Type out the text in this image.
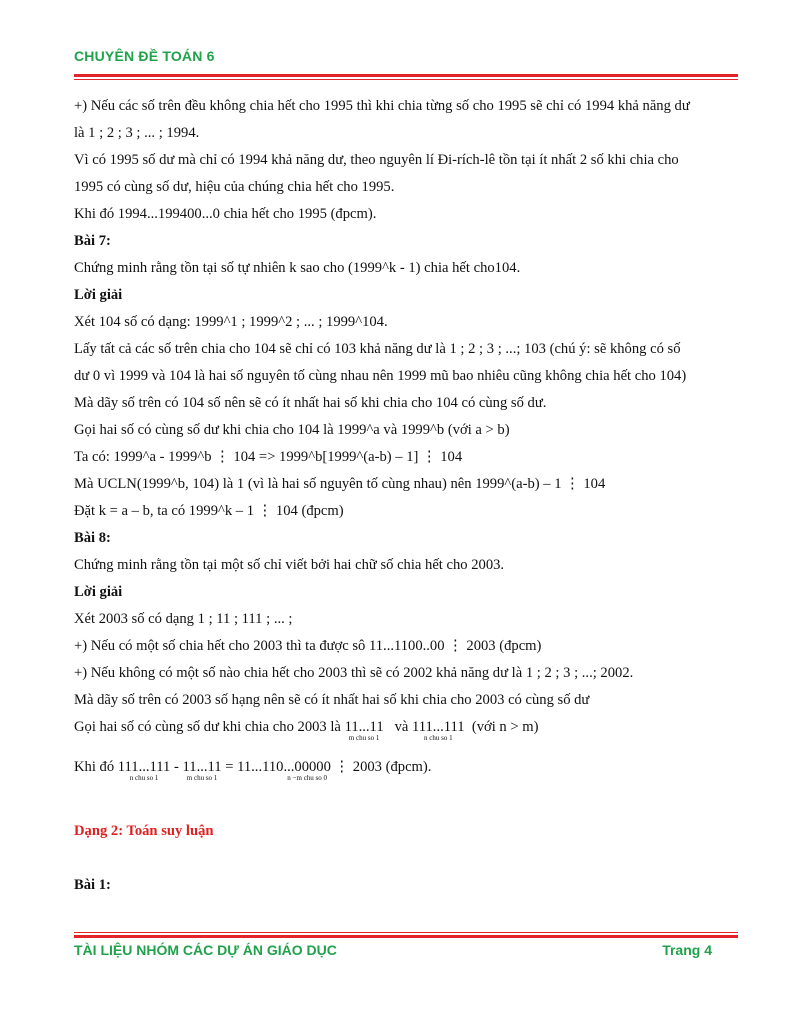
CHUYÊN ĐỀ TOÁN 6
+) Nếu các số trên đều không chia hết cho 1995 thì khi chia từng số cho 1995 sẽ chỉ có 1994 khả năng dư
là 1 ; 2 ; 3 ; ... ; 1994.
Vì có 1995 số dư mà chỉ có 1994 khả năng dư, theo nguyên lí Đi-rích-lê tồn tại ít nhất 2 số khi chia cho
1995 có cùng số dư, hiệu của chúng chia hết cho 1995.
Khi đó 1994...199400...0 chia hết cho 1995 (đpcm).
Bài 7:
Chứng minh rằng tồn tại số tự nhiên k sao cho (1999^k - 1) chia hết cho104.
Lời giải
Xét 104 số có dạng: 1999^1 ; 1999^2 ; ... ; 1999^104.
Lấy tất cả các số trên chia cho 104 sẽ chỉ có 103 khả năng dư là 1 ; 2 ; 3 ; ...; 103 (chú ý: sẽ không có số
dư 0 vì 1999 và 104 là hai số nguyên tố cùng nhau nên 1999 mũ bao nhiêu cũng không chia hết cho 104)
Mà dãy số trên có 104 số nên sẽ có ít nhất hai số khi chia cho 104 có cùng số dư.
Gọi hai số có cùng số dư khi chia cho 104 là 1999^a và 1999^b (với a > b)
Ta có: 1999^a - 1999^b ⋮ 104 => 1999^b[1999^(a-b) – 1] ⋮ 104
Mà UCLN(1999^b, 104) là 1 (vì là hai số nguyên tố cùng nhau) nên 1999^(a-b) – 1 ⋮ 104
Đặt k = a – b, ta có 1999^k – 1 ⋮ 104 (đpcm)
Bài 8:
Chứng minh rằng tồn tại một số chỉ viết bởi hai chữ số chia hết cho 2003.
Lời giải
Xét 2003 số có dạng 1 ; 11 ; 111 ; ... ;
+) Nếu có một số chia hết cho 2003 thì ta được sô 11...1100..00 ⋮ 2003 (đpcm)
+) Nếu không có một số nào chia hết cho 2003 thì sẽ có 2002 khả năng dư là 1 ; 2 ; 3 ; ...; 2002.
Mà dãy số trên có 2003 số hạng nên sẽ có ít nhất hai số khi chia cho 2003 có cùng số dư
Gọi hai số có cùng số dư khi chia cho 2003 là 11...11
m chu so 1
và 111...111
n chu so 1
(với n > m)
Khi đó 111...111
n chu so 1
- 11...11
m chu so 1
= 11...110...00000
n −m chu so 0
⋮ 2003 (đpcm).
Dạng 2: Toán suy luận
Bài 1:
TÀI LIỆU NHÓM CÁC DỰ ÁN GIÁO DỤC	Trang 4
